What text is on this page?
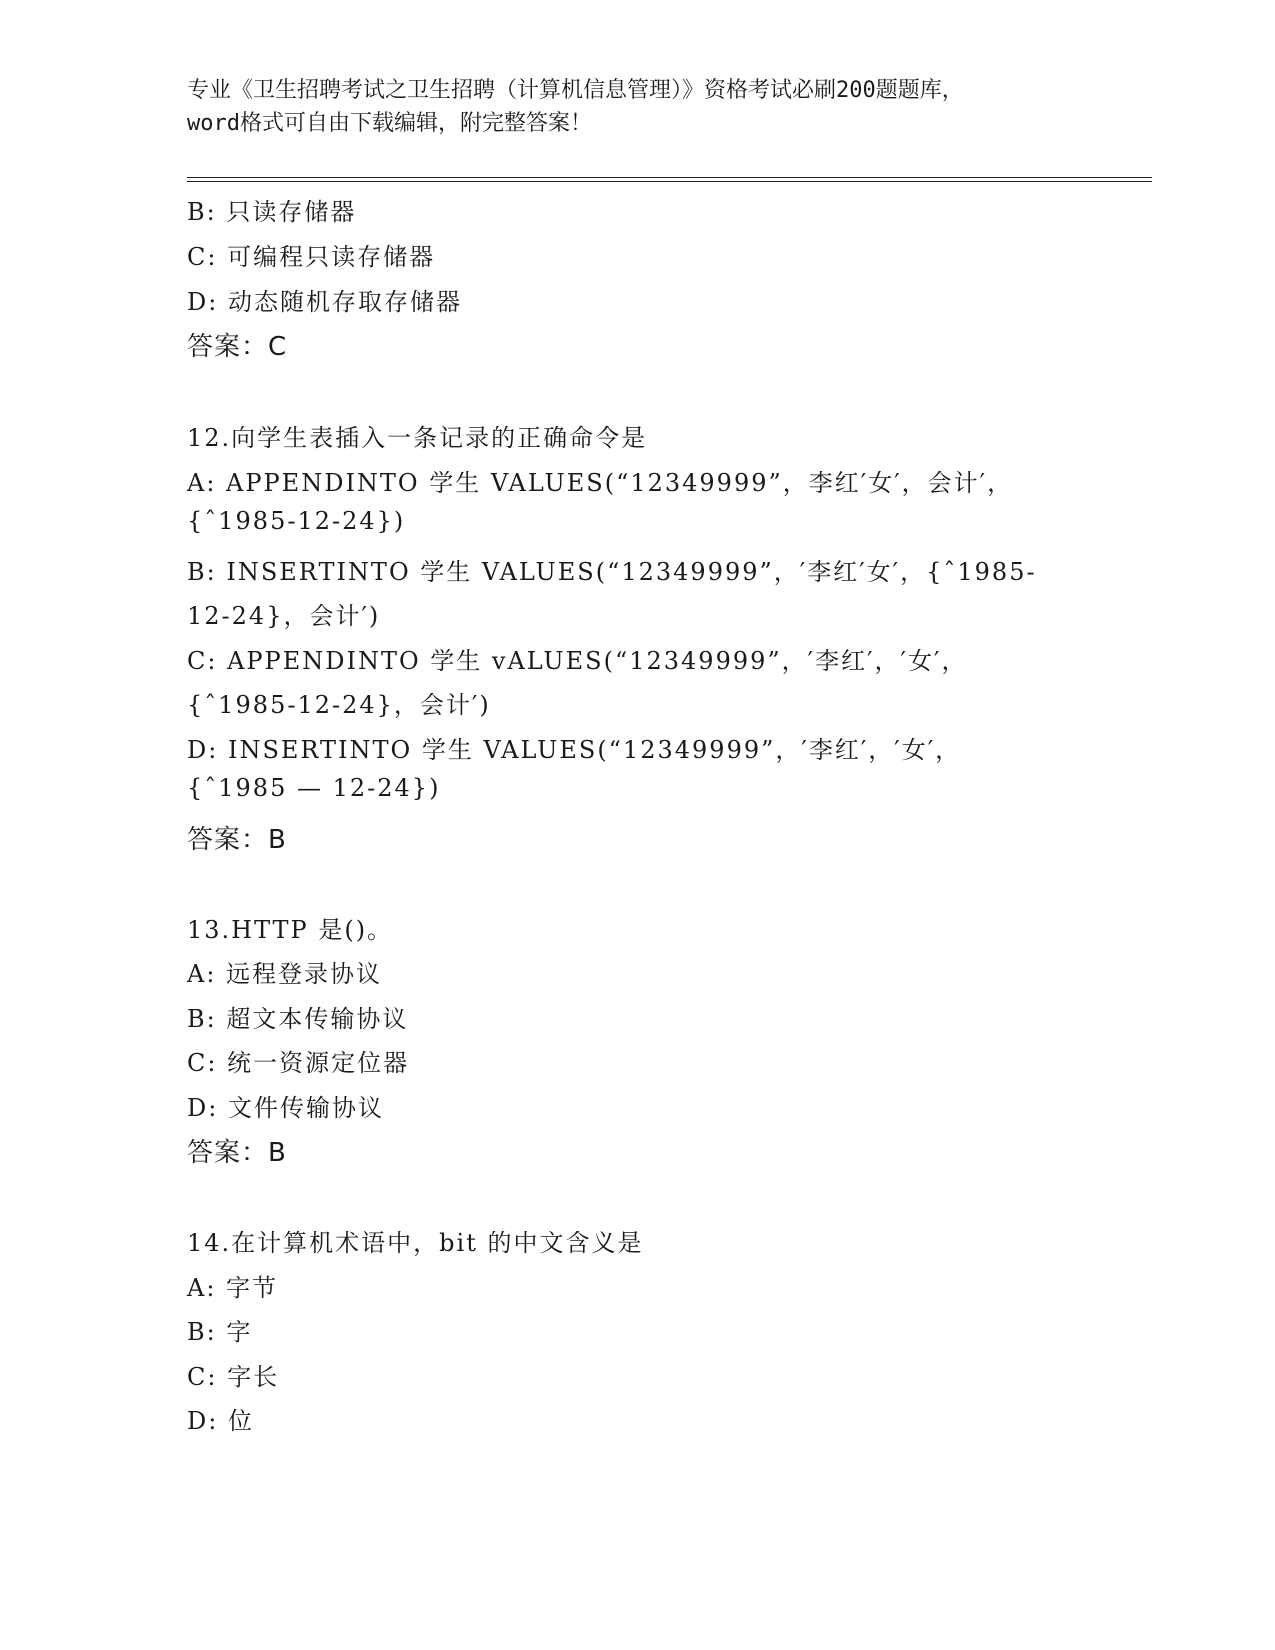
专业《卫生招聘考试之卫生招聘（计算机信息管理）》资格考试必刷200题题库，
word格式可自由下载编辑，附完整答案！
B: 只读存储器
C: 可编程只读存储器
D: 动态随机存取存储器
答案：C
12.向学生表插入一条记录的正确命令是
A: APPENDINTO 学生 VALUES(“12349999”，李红′女′，会计′，
{ˆ1985-12-24})
B: INSERTINTO 学生 VALUES(“12349999”，′李红′女′，{ˆ1985-
12-24}，会计′)
C: APPENDINTO 学生 vALUES(“12349999”，′李红′，′女′，
{ˆ1985-12-24}，会计′)
D: INSERTINTO 学生 VALUES(“12349999”，′李红′，′女′，
{ˆ1985 — 12-24})
答案：B
13.HTTP 是()。
A: 远程登录协议
B: 超文本传输协议
C: 统一资源定位器
D: 文件传输协议
答案：B
14.在计算机术语中，bit 的中文含义是
A: 字节
B: 字
C: 字长
D: 位
